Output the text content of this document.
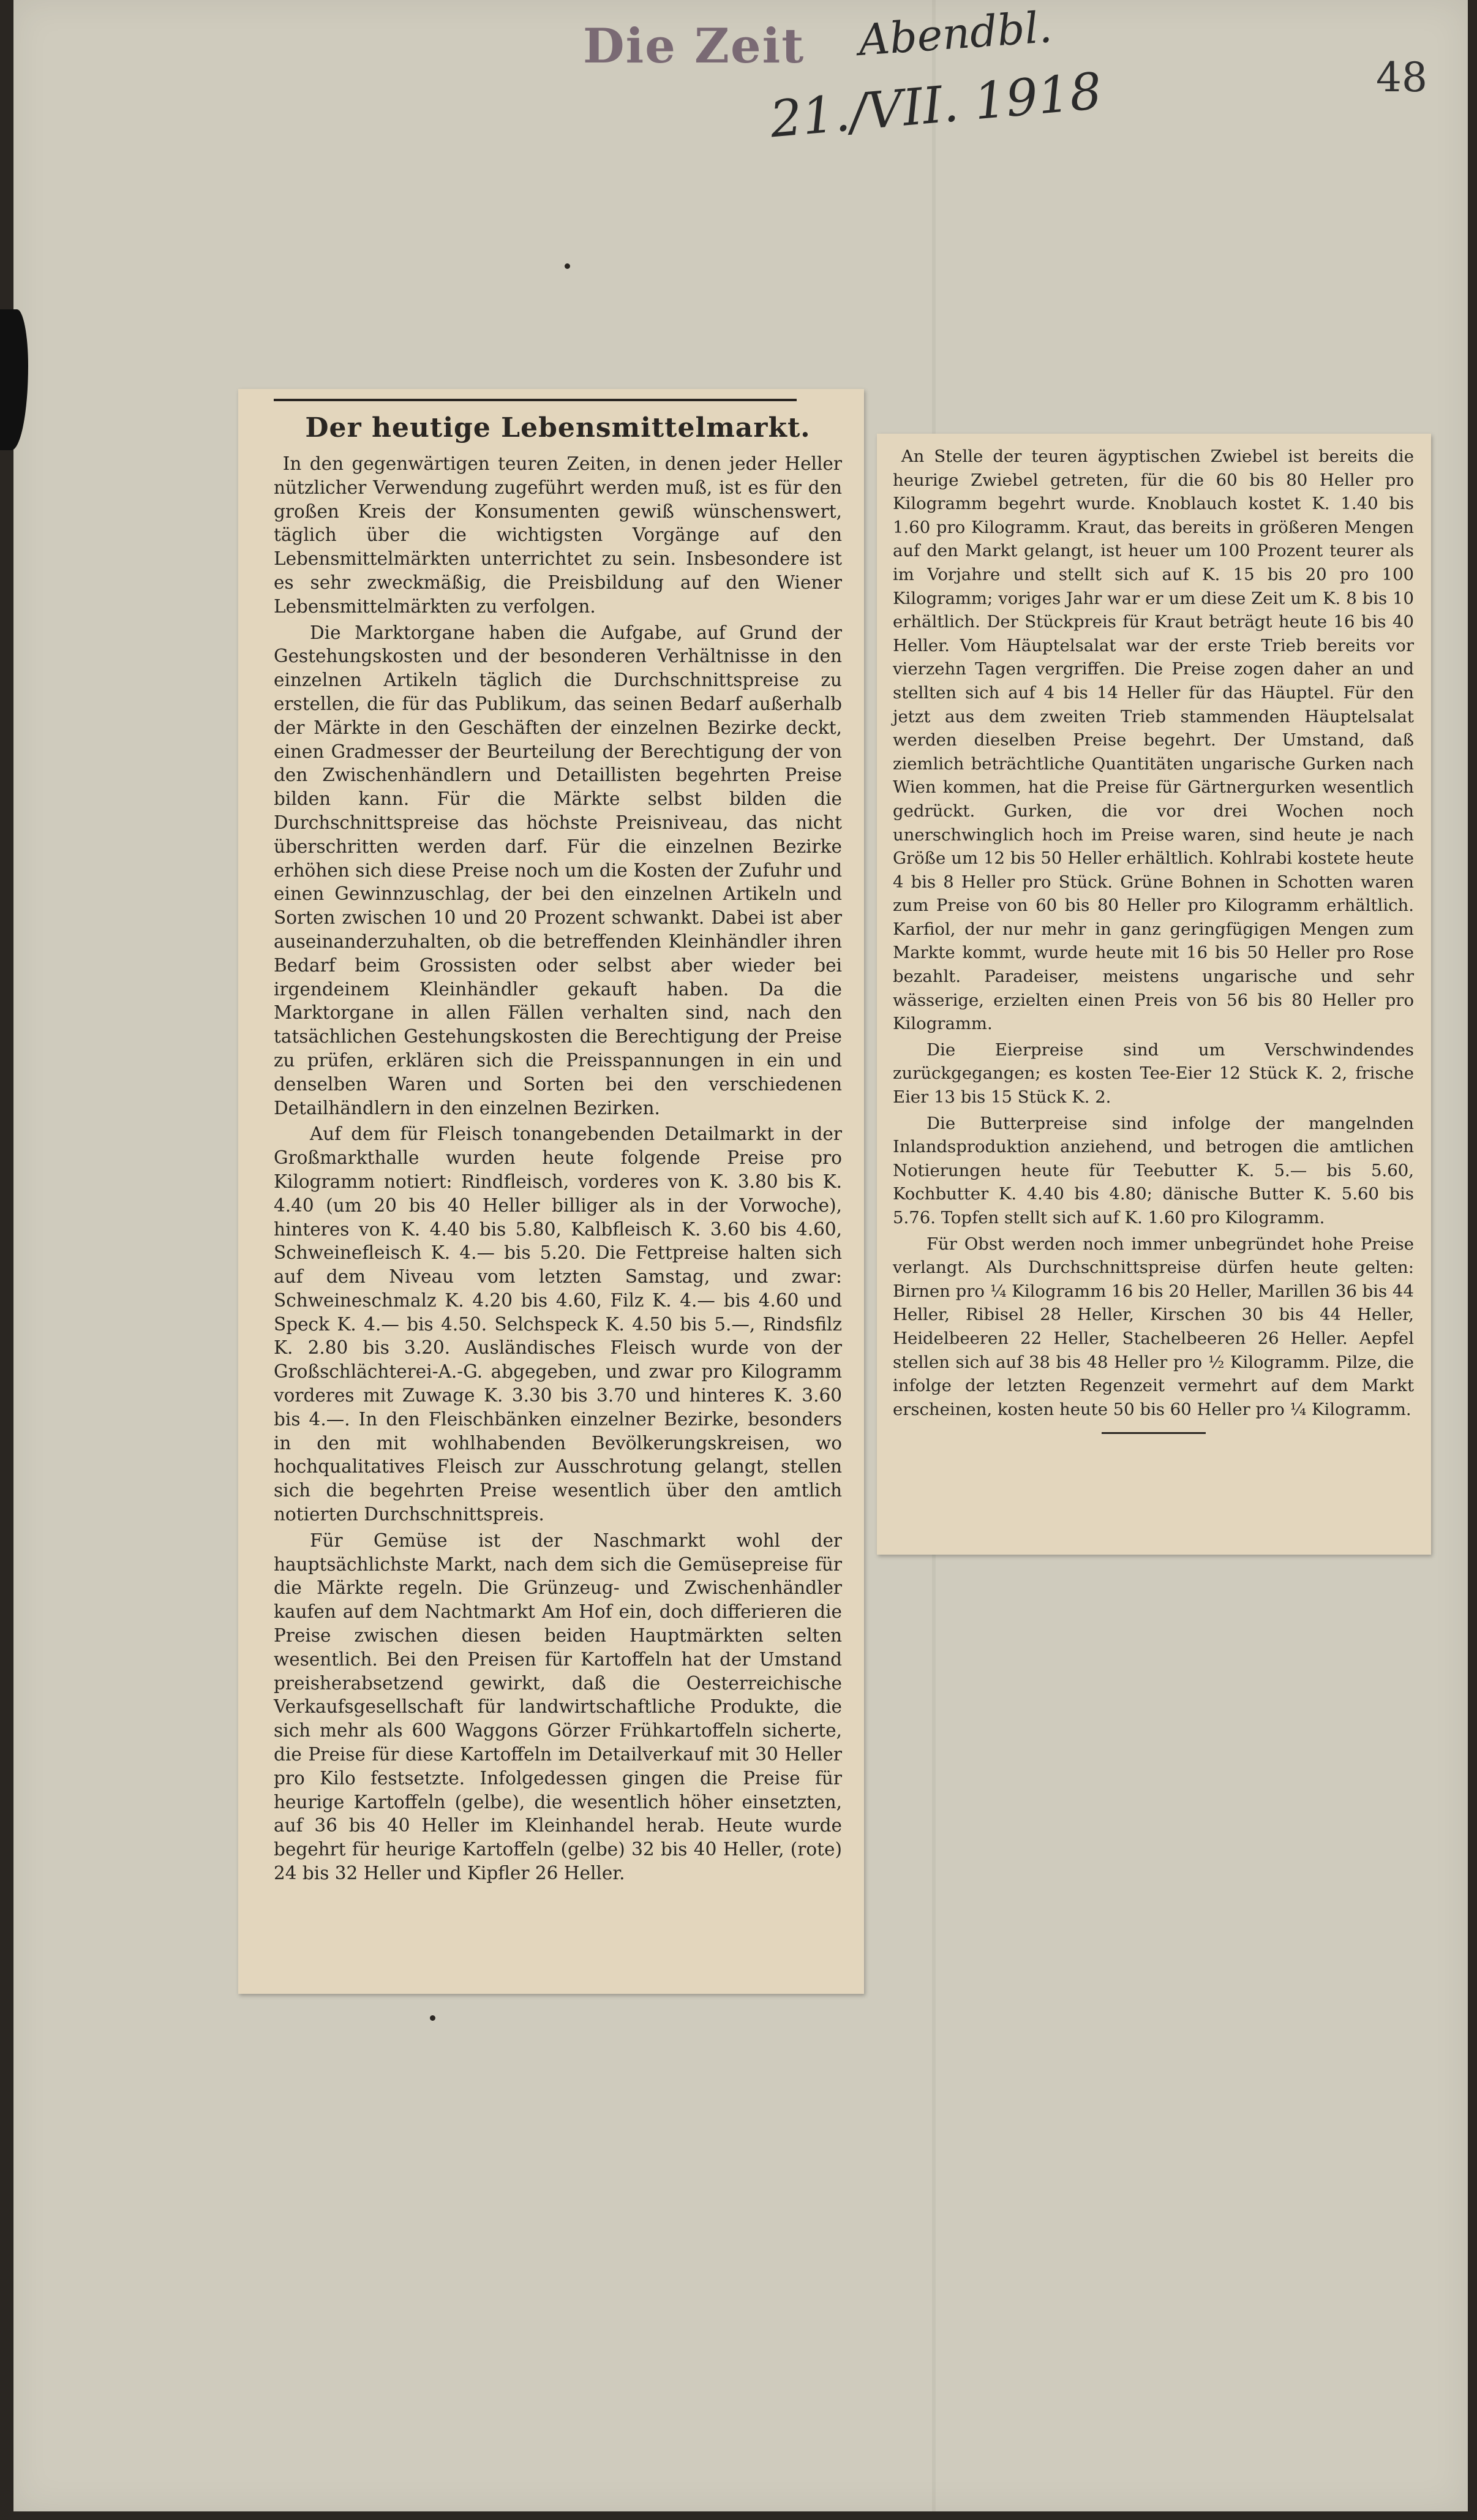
Die Zeit Abendbl.
21./VII. 1918	48
Der heutige Lebensmittelmarkt.

In den gegenwärtigen teuren Zeiten, in denen jeder Heller nützlicher Verwendung zugeführt werden muß, ist es für den großen Kreis der Konsumenten gewiß wünschenswert, täglich über die wichtigsten Vorgänge auf den Lebensmittelmärkten unterrichtet zu sein. Insbesondere ist es sehr zweckmäßig, die Preisbildung auf den Wiener Lebensmittelmärkten zu verfolgen.

Die Marktorgane haben die Aufgabe, auf Grund der Gestehungskosten und der besonderen Verhältnisse in den einzelnen Artikeln täglich die Durchschnittspreise zu erstellen, die für das Publikum, das seinen Bedarf außerhalb der Märkte in den Geschäften der einzelnen Bezirke deckt, einen Gradmesser der Beurteilung der Berechtigung der von den Zwischenhändlern und Detaillisten begehrten Preise bilden kann. Für die Märkte selbst bilden die Durchschnittspreise das höchste Preisniveau, das nicht überschritten werden darf. Für die einzelnen Bezirke erhöhen sich diese Preise noch um die Kosten der Zufuhr und einen Gewinnzuschlag, der bei den einzelnen Artikeln und Sorten zwischen 10 und 20 Prozent schwankt. Dabei ist aber auseinanderzuhalten, ob die betreffenden Kleinhändler ihren Bedarf beim Grossisten oder selbst aber wieder bei irgendeinem Kleinhändler gekauft haben. Da die Marktorgane in allen Fällen verhalten sind, nach den tatsächlichen Gestehungskosten die Berechtigung der Preise zu prüfen, erklären sich die Preisspannungen in ein und denselben Waren und Sorten bei den verschiedenen Detailhändlern in den einzelnen Bezirken.

Auf dem für Fleisch tonangebenden Detailmarkt in der Großmarkthalle wurden heute folgende Preise pro Kilogramm notiert: Rindfleisch, vorderes von K. 3.80 bis K. 4.40 (um 20 bis 40 Heller billiger als in der Vorwoche), hinteres von K. 4.40 bis 5.80, Kalbfleisch K. 3.60 bis 4.60, Schweinefleisch K. 4.— bis 5.20. Die Fettpreise halten sich auf dem Niveau vom letzten Samstag, und zwar: Schweineschmalz K. 4.20 bis 4.60, Filz K. 4.— bis 4.60 und Speck K. 4.— bis 4.50. Selchspeck K. 4.50 bis 5.—, Rindsfilz K. 2.80 bis 3.20. Ausländisches Fleisch wurde von der Großschlächterei-A.-G. abgegeben, und zwar pro Kilogramm vorderes mit Zuwage K. 3.30 bis 3.70 und hinteres K. 3.60 bis 4.—. In den Fleischbänken einzelner Bezirke, besonders in den mit wohlhabenden Bevölkerungskreisen, wo hochqualitatives Fleisch zur Ausschrotung gelangt, stellen sich die begehrten Preise wesentlich über den amtlich notierten Durchschnittspreis.

Für Gemüse ist der Naschmarkt wohl der hauptsächlichste Markt, nach dem sich die Gemüsepreise für die Märkte regeln. Die Grünzeug- und Zwischenhändler kaufen auf dem Nachtmarkt Am Hof ein, doch differieren die Preise zwischen diesen beiden Hauptmärkten selten wesentlich. Bei den Preisen für Kartoffeln hat der Umstand preisherabsetzend gewirkt, daß die Oesterreichische Verkaufsgesellschaft für landwirtschaftliche Produkte, die sich mehr als 600 Waggons Görzer Frühkartoffeln sicherte, die Preise für diese Kartoffeln im Detailverkauf mit 30 Heller pro Kilo festsetzte. Infolgedessen gingen die Preise für heurige Kartoffeln (gelbe), die wesentlich höher einsetzten, auf 36 bis 40 Heller im Kleinhandel herab. Heute wurde begehrt für heurige Kartoffeln (gelbe) 32 bis 40 Heller, (rote) 24 bis 32 Heller und Kipfler 26 Heller.

An Stelle der teuren ägyptischen Zwiebel ist bereits die heurige Zwiebel getreten, für die 60 bis 80 Heller pro Kilogramm begehrt wurde. Knoblauch kostet K. 1.40 bis 1.60 pro Kilogramm. Kraut, das bereits in größeren Mengen auf den Markt gelangt, ist heuer um 100 Prozent teurer als im Vorjahre und stellt sich auf K. 15 bis 20 pro 100 Kilogramm; voriges Jahr war er um diese Zeit um K. 8 bis 10 erhältlich. Der Stückpreis für Kraut beträgt heute 16 bis 40 Heller. Vom Häuptelsalat war der erste Trieb bereits vor vierzehn Tagen vergriffen. Die Preise zogen daher an und stellten sich auf 4 bis 14 Heller für das Häuptel. Für den jetzt aus dem zweiten Trieb stammenden Häuptelsalat werden dieselben Preise begehrt. Der Umstand, daß ziemlich beträchtliche Quantitäten ungarische Gurken nach Wien kommen, hat die Preise für Gärtnergurken wesentlich gedrückt. Gurken, die vor drei Wochen noch unerschwinglich hoch im Preise waren, sind heute je nach Größe um 12 bis 50 Heller erhältlich. Kohlrabi kostete heute 4 bis 8 Heller pro Stück. Grüne Bohnen in Schotten waren zum Preise von 60 bis 80 Heller pro Kilogramm erhältlich. Karfiol, der nur mehr in ganz geringfügigen Mengen zum Markte kommt, wurde heute mit 16 bis 50 Heller pro Rose bezahlt. Paradeiser, meistens ungarische und sehr wässerige, erzielten einen Preis von 56 bis 80 Heller pro Kilogramm.

Die Eierpreise sind um Verschwindendes zurückgegangen; es kosten Tee-Eier 12 Stück K. 2, frische Eier 13 bis 15 Stück K. 2.

Die Butterpreise sind infolge der mangelnden Inlandsproduktion anziehend, und betrogen die amtlichen Notierungen heute für Teebutter K. 5.— bis 5.60, Kochbutter K. 4.40 bis 4.80; dänische Butter K. 5.60 bis 5.76. Topfen stellt sich auf K. 1.60 pro Kilogramm.

Für Obst werden noch immer unbegründet hohe Preise verlangt. Als Durchschnittspreise dürfen heute gelten: Birnen pro ¼ Kilogramm 16 bis 20 Heller, Marillen 36 bis 44 Heller, Ribisel 28 Heller, Kirschen 30 bis 44 Heller, Heidelbeeren 22 Heller, Stachelbeeren 26 Heller. Aepfel stellen sich auf 38 bis 48 Heller pro ½ Kilogramm. Pilze, die infolge der letzten Regenzeit vermehrt auf dem Markt erscheinen, kosten heute 50 bis 60 Heller pro ¼ Kilogramm.
